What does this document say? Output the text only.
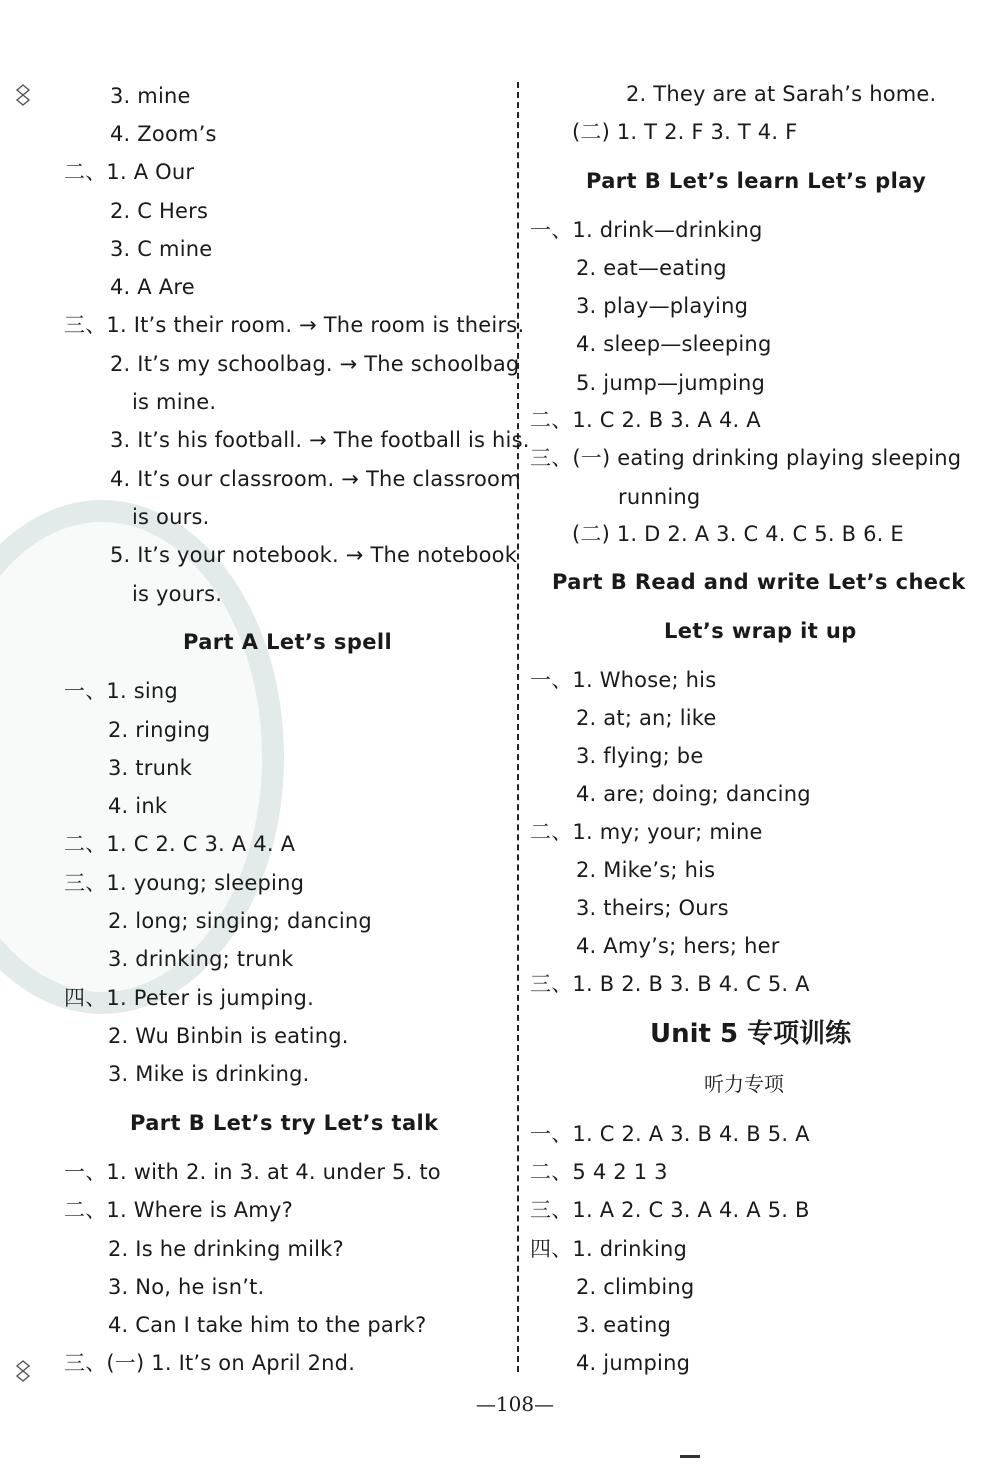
3. mine
4. Zoom’s
二、1. A Our
2. C Hers
3. C mine
4. A Are
三、1. It’s their room. → The room is theirs.
2. It’s my schoolbag. → The schoolbag
is mine.
3. It’s his football. → The football is his.
4. It’s our classroom. → The classroom
is ours.
5. It’s your notebook. → The notebook
is yours.
Part A Let’s spell
一、1. sing
2. ringing
3. trunk
4. ink
二、1. C 2. C 3. A 4. A
三、1. young; sleeping
2. long; singing; dancing
3. drinking; trunk
四、1. Peter is jumping.
2. Wu Binbin is eating.
3. Mike is drinking.
Part B Let’s try Let’s talk
一、1. with 2. in 3. at 4. under 5. to
二、1. Where is Amy?
2. Is he drinking milk?
3. No, he isn’t.
4. Can I take him to the park?
三、(一) 1. It’s on April 2nd.
2. They are at Sarah’s home.
(二) 1. T 2. F 3. T 4. F
Part B Let’s learn Let’s play
一、1. drink—drinking
2. eat—eating
3. play—playing
4. sleep—sleeping
5. jump—jumping
二、1. C 2. B 3. A 4. A
三、(一) eating drinking playing sleeping
running
(二) 1. D 2. A 3. C 4. C 5. B 6. E
Part B Read and write Let’s check
Let’s wrap it up
一、1. Whose; his
2. at; an; like
3. flying; be
4. are; doing; dancing
二、1. my; your; mine
2. Mike’s; his
3. theirs; Ours
4. Amy’s; hers; her
三、1. B 2. B 3. B 4. C 5. A
Unit 5 专项训练
听力专项
一、1. C 2. A 3. B 4. B 5. A
二、5 4 2 1 3
三、1. A 2. C 3. A 4. A 5. B
四、1. drinking
2. climbing
3. eating
4. jumping
—108—
